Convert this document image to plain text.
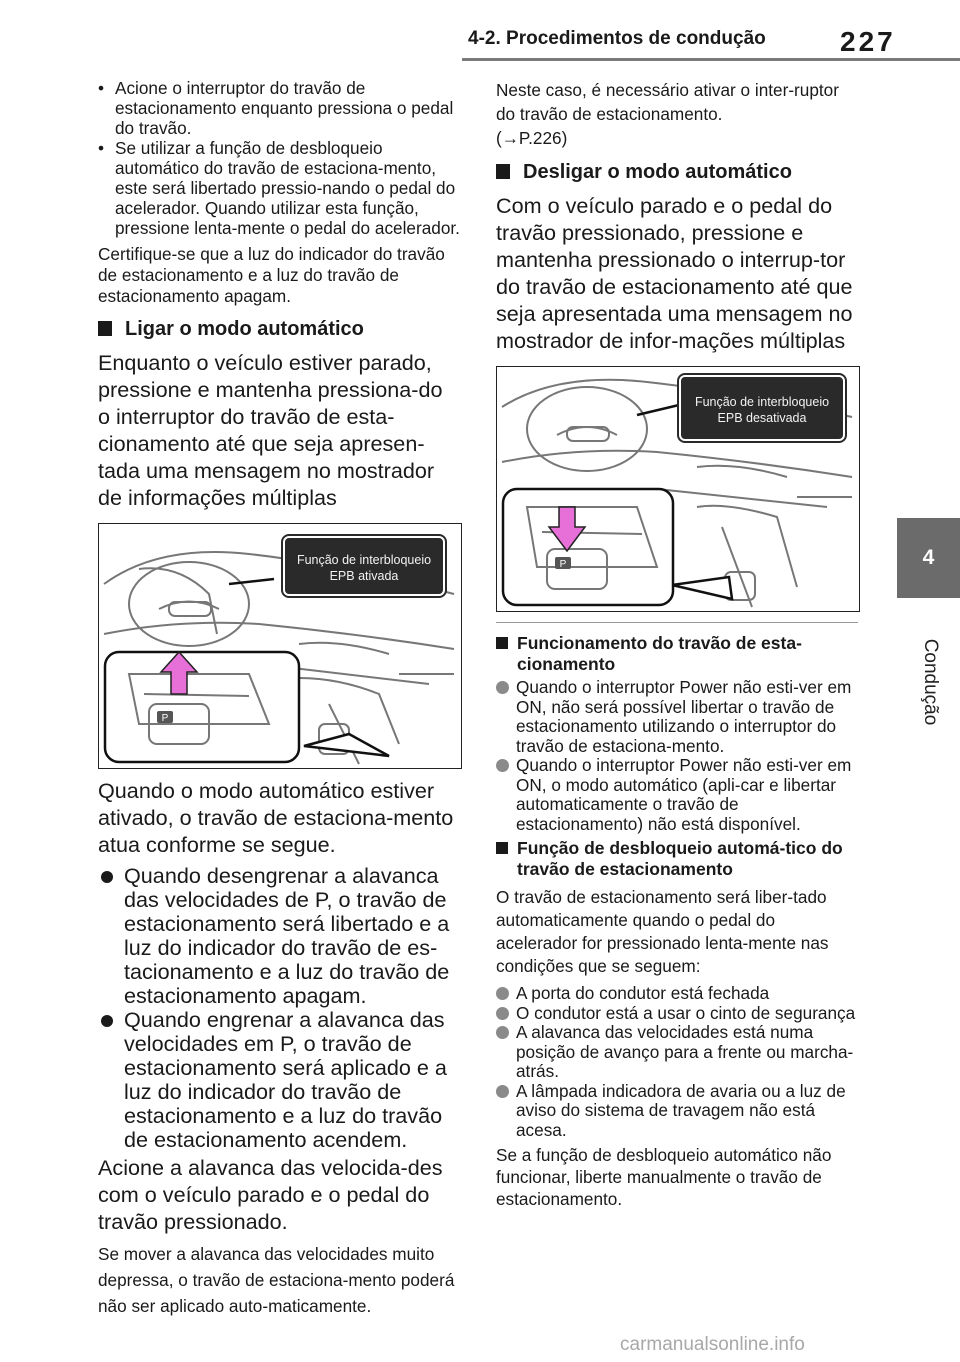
4-2. Procedimentos de condução	227
4
Condução
• Acione o interruptor do travão de estacionamento enquanto pressiona o pedal do travão.
• Se utilizar a função de desbloqueio automático do travão de estaciona-mento, este será libertado pressio-nando o pedal do acelerador. Quando utilizar esta função, pressione lenta-mente o pedal do acelerador.

Certifique-se que a luz do indicador do travão de estacionamento e a luz do travão de estacionamento apagam.

Ligar o modo automático

Enquanto o veículo estiver parado, pressione e mantenha pressiona-do o interruptor do travão de esta-cionamento até que seja apresen-tada uma mensagem no mostrador de informações múltiplas

P
Função de interbloqueio
EPB ativada

Quando o modo automático estiver ativado, o travão de estaciona-mento atua conforme se segue.

Quando desengrenar a alavanca das velocidades de P, o travão de estacionamento será libertado e a luz do indicador do travão de es-tacionamento e a luz do travão de estacionamento apagam.
Quando engrenar a alavanca das velocidades em P, o travão de estacionamento será aplicado e a luz do indicador do travão de estacionamento e a luz do travão de estacionamento acendem.

Acione a alavanca das velocida-des com o veículo parado e o pedal do travão pressionado.

Se mover a alavanca das velocidades muito depressa, o travão de estaciona-mento poderá não ser aplicado auto-maticamente.

Neste caso, é necessário ativar o inter-ruptor do travão de estacionamento.

(→P.226)

Desligar o modo automático

Com o veículo parado e o pedal do travão pressionado, pressione e mantenha pressionado o interrup-tor do travão de estacionamento até que seja apresentada uma mensagem no mostrador de infor-mações múltiplas

P
Função de interbloqueio
EPB desativada
Funcionamento do travão de esta-cionamento
Quando o interruptor Power não esti-ver em ON, não será possível libertar o travão de estacionamento utilizando o interruptor do travão de estaciona-mento.
Quando o interruptor Power não esti-ver em ON, o modo automático (apli-car e libertar automaticamente o travão de estacionamento) não está disponível.
Função de desbloqueio automá-tico do travão de estacionamento

O travão de estacionamento será liber-tado automaticamente quando o pedal do acelerador for pressionado lenta-mente nas condições que se seguem:

A porta do condutor está fechada
O condutor está a usar o cinto de segurança
A alavanca das velocidades está numa posição de avanço para a frente ou marcha-atrás.
A lâmpada indicadora de avaria ou a luz de aviso do sistema de travagem não está acesa.

Se a função de desbloqueio automático não funcionar, liberte manualmente o travão de estacionamento.

carmanualsonline.info
